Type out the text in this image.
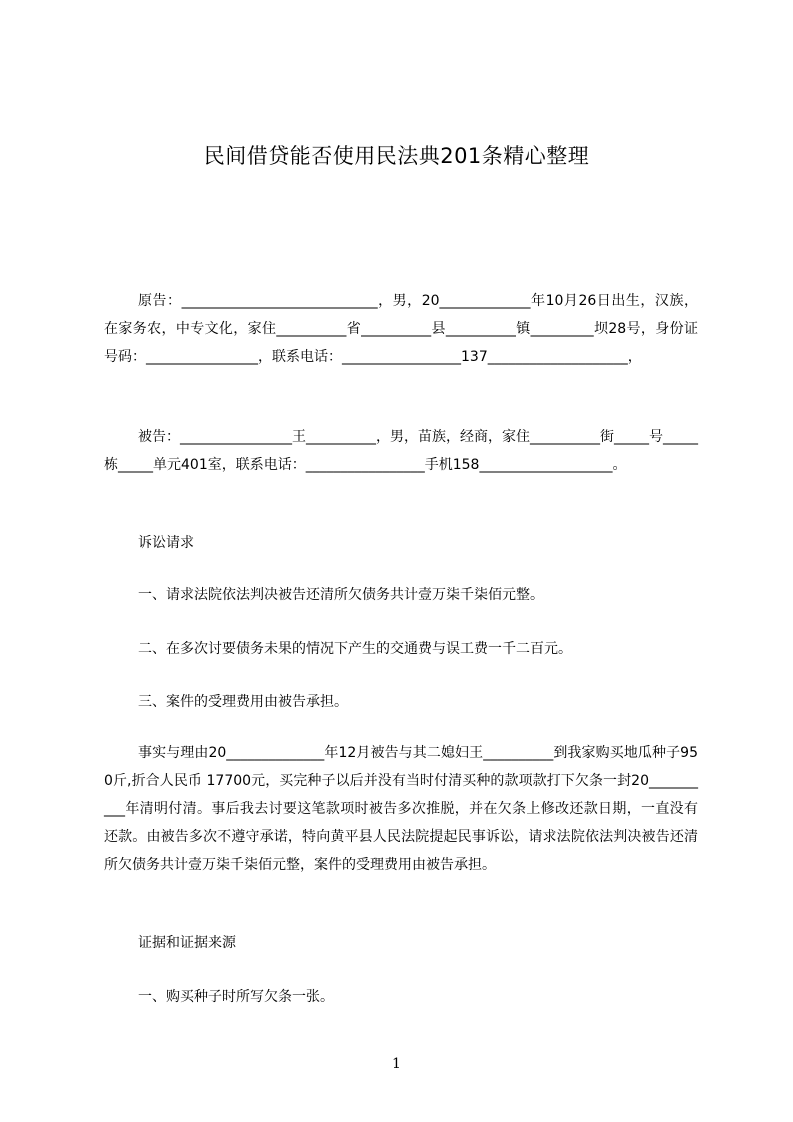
民间借贷能否使用民法典201条精心整理

原告：____________________________，男，20_____________年10月26日出生，汉族，在家务农，中专文化，家住__________省__________县__________镇_________坝28号，身份证号码：________________，联系电话：_________________137____________________，

被告：________________王__________，男，苗族，经商，家住__________街_____号_____栋_____单元401室，联系电话：_________________手机158___________________。

诉讼请求

一、请求法院依法判决被告还清所欠债务共计壹万柒千柒佰元整。

二、在多次讨要债务未果的情况下产生的交通费与误工费一千二百元。

三、案件的受理费用由被告承担。

事实与理由20______________年12月被告与其二媳妇王__________到我家购买地瓜种子950斤,折合人民币 17700元，买完种子以后并没有当时付清买种的款项款打下欠条一封20__________年清明付清。事后我去讨要这笔款项时被告多次推脱，并在欠条上修改还款日期，一直没有还款。由被告多次不遵守承诺，特向黄平县人民法院提起民事诉讼，请求法院依法判决被告还清所欠债务共计壹万柒千柒佰元整，案件的受理费用由被告承担。

证据和证据来源

一、购买种子时所写欠条一张。

1
